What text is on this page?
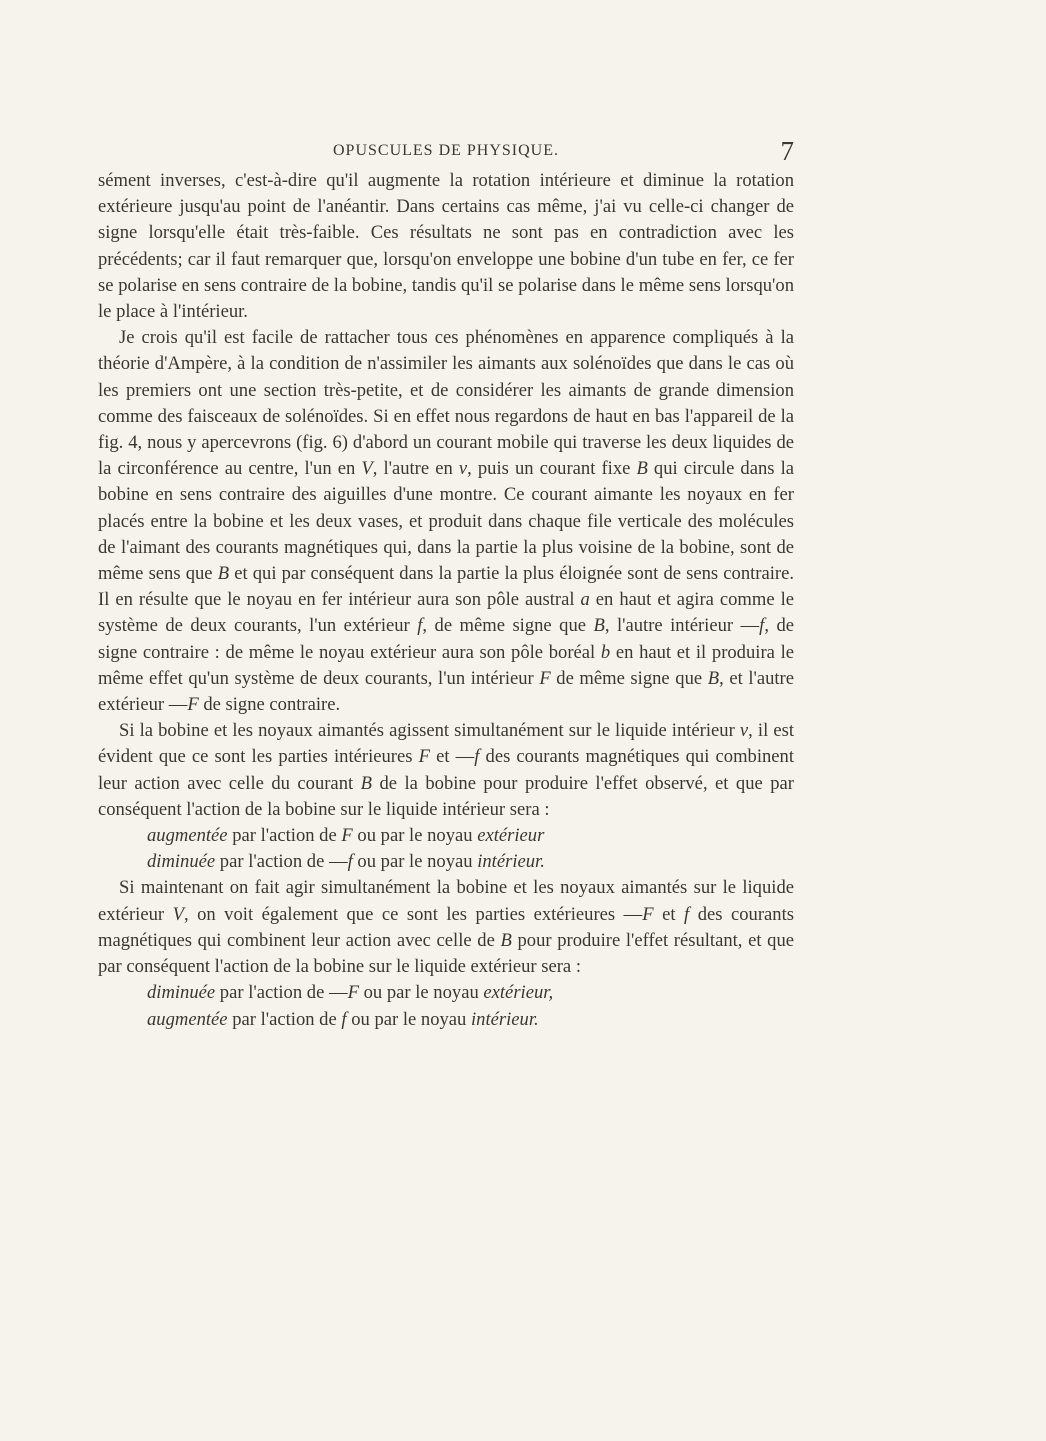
OPUSCULES DE PHYSIQUE.	7

sément inverses, c'est-à-dire qu'il augmente la rotation intérieure et diminue la rotation extérieure jusqu'au point de l'anéantir. Dans certains cas même, j'ai vu celle-ci changer de signe lorsqu'elle était très-faible. Ces résultats ne sont pas en contradiction avec les précédents; car il faut remarquer que, lorsqu'on enveloppe une bobine d'un tube en fer, ce fer se polarise en sens contraire de la bobine, tandis qu'il se polarise dans le même sens lorsqu'on le place à l'intérieur.

Je crois qu'il est facile de rattacher tous ces phénomènes en apparence compliqués à la théorie d'Ampère, à la condition de n'assimiler les aimants aux solénoïdes que dans le cas où les premiers ont une section très-petite, et de considérer les aimants de grande dimension comme des faisceaux de solénoïdes. Si en effet nous regardons de haut en bas l'appareil de la fig. 4, nous y apercevrons (fig. 6) d'abord un courant mobile qui traverse les deux liquides de la circonférence au centre, l'un en V, l'autre en v, puis un courant fixe B qui circule dans la bobine en sens contraire des aiguilles d'une montre. Ce courant aimante les noyaux en fer placés entre la bobine et les deux vases, et produit dans chaque file verticale des molécules de l'aimant des courants magnétiques qui, dans la partie la plus voisine de la bobine, sont de même sens que B et qui par conséquent dans la partie la plus éloignée sont de sens contraire. Il en résulte que le noyau en fer intérieur aura son pôle austral a en haut et agira comme le système de deux courants, l'un extérieur f, de même signe que B, l'autre intérieur —f, de signe contraire : de même le noyau extérieur aura son pôle boréal b en haut et il produira le même effet qu'un système de deux courants, l'un intérieur F de même signe que B, et l'autre extérieur —F de signe contraire.

Si la bobine et les noyaux aimantés agissent simultanément sur le liquide intérieur v, il est évident que ce sont les parties intérieures F et —f des courants magnétiques qui combinent leur action avec celle du courant B de la bobine pour produire l'effet observé, et que par conséquent l'action de la bobine sur le liquide intérieur sera :

augmentée par l'action de F ou par le noyau extérieur
diminuée par l'action de —f ou par le noyau intérieur.

Si maintenant on fait agir simultanément la bobine et les noyaux aimantés sur le liquide extérieur V, on voit également que ce sont les parties extérieures —F et f des courants magnétiques qui combinent leur action avec celle de B pour produire l'effet résultant, et que par conséquent l'action de la bobine sur le liquide extérieur sera :

diminuée par l'action de —F ou par le noyau extérieur,
augmentée par l'action de f ou par le noyau intérieur.
